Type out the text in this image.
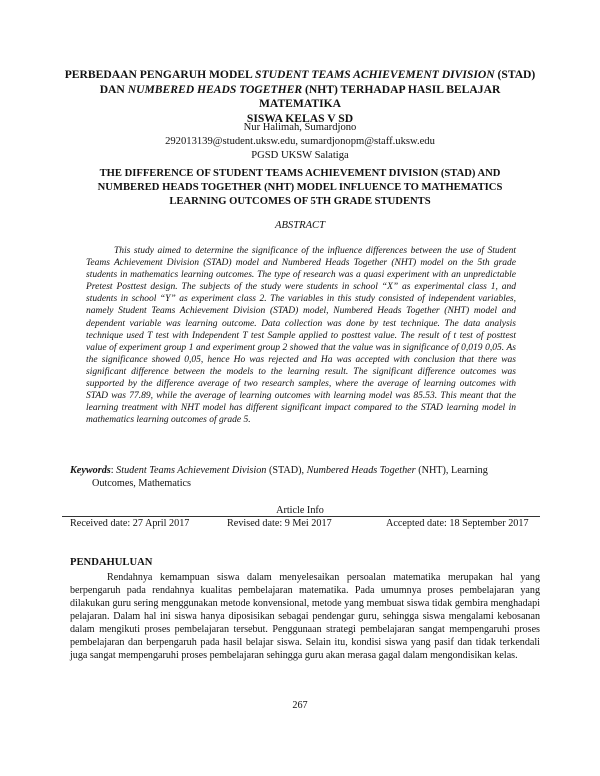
PERBEDAAN PENGARUH MODEL STUDENT TEAMS ACHIEVEMENT DIVISION (STAD)
DAN NUMBERED HEADS TOGETHER (NHT) TERHADAP HASIL BELAJAR MATEMATIKA
SISWA KELAS V SD
Nur Halimah, Sumardjono
292013139@student.uksw.edu, sumardjonopm@staff.uksw.edu
PGSD UKSW Salatiga
THE DIFFERENCE OF STUDENT TEAMS ACHIEVEMENT DIVISION (STAD) AND
NUMBERED HEADS TOGETHER (NHT) MODEL INFLUENCE TO MATHEMATICS
LEARNING OUTCOMES OF 5TH GRADE STUDENTS
ABSTRACT

This study aimed to determine the significance of the influence differences between the use of Student Teams Achievement Division (STAD) model and Numbered Heads Together (NHT) model on the 5th grade students in mathematics learning outcomes. The type of research was a quasi experiment with an unpredictable Pretest Posttest design. The subjects of the study were students in school “X” as experimental class 1, and students in school “Y” as experiment class 2. The variables in this study consisted of independent variables, namely Student Teams Achievement Division (STAD) model, Numbered Heads Together (NHT) model and dependent variable was learning outcome. Data collection was done by test technique. The data analysis technique used T test with Independent T test Sample applied to posttest value. The result of t test of posttest value of experiment group 1 and experiment group 2 showed that the value was in significance of 0,019 0,05. As the significance showed 0,05, hence Ho was rejected and Ha was accepted with conclusion that there was significant difference between the models to the learning result. The significant difference outcomes was supported by the difference average of two research samples, where the average of learning outcomes with STAD was 77.89, while the average of learning outcomes with learning model was 85.53. This meant that the learning treatment with NHT model has different significant impact compared to the STAD learning model in mathematics learning outcomes of grade 5.

Keywords: Student Teams Achievement Division (STAD), Numbered Heads Together (NHT), Learning
Outcomes, Mathematics
Article Info
Received date: 27 April 2017	Revised date: 9 Mei 2017	Accepted date: 18 September 2017
PENDAHULUAN

Rendahnya kemampuan siswa dalam menyelesaikan persoalan matematika merupakan hal yang berpengaruh pada rendahnya kualitas pembelajaran matematika. Pada umumnya proses pembelajaran yang dilakukan guru sering menggunakan metode konvensional, metode yang membuat siswa tidak gembira menghadapi pelajaran. Dalam hal ini siswa hanya diposisikan sebagai pendengar guru, sehingga siswa mengalami kebosanan dalam mengikuti proses pembelajaran tersebut. Penggunaan strategi pembelajaran sangat mempengaruhi proses pembelajaran dan berpengaruh pada hasil belajar siswa. Selain itu, kondisi siswa yang pasif dan tidak terkendali juga sangat mempengaruhi proses pembelajaran sehingga guru akan merasa gagal dalam mengondisikan kelas.

267
